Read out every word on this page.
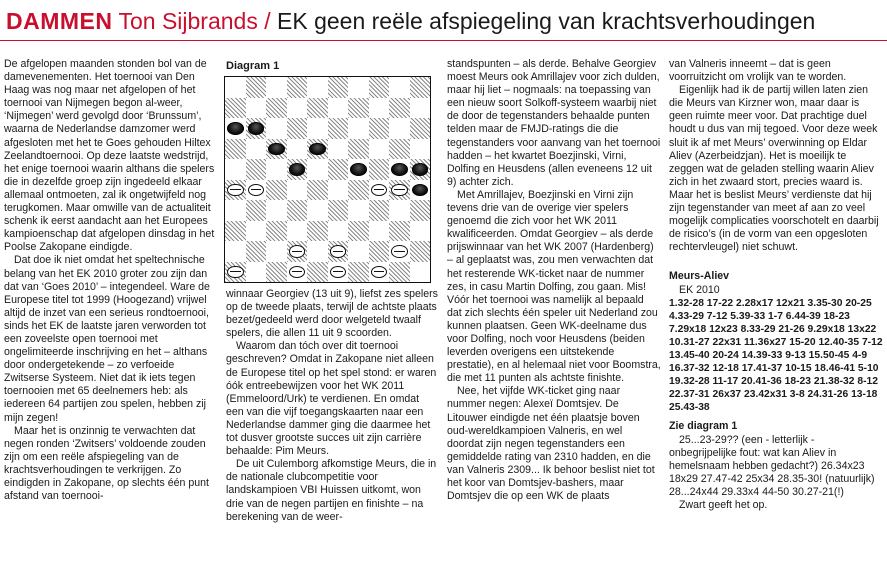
DAMMEN Ton Sijbrands / EK geen reële afspiegeling van krachtsverhoudingen

De afgelopen maanden stonden bol van de damevenementen. Het toernooi van Den Haag was nog maar net afgelopen of het toernooi van Nijmegen begon al-weer, ‘Nijmegen’ werd gevolgd door ‘Brunssum’, waarna de Nederlandse damzomer werd afgesloten met het te Goes gehouden Hiltex Zeelandtoernooi. Op deze laatste wedstrijd, het enige toernooi waarin althans die spelers die in dezelfde groep zijn ingedeeld elkaar allemaal ontmoeten, zal ik ongetwijfeld nog terugkomen. Maar omwille van de actualiteit schenk ik eerst aandacht aan het Europees kampioenschap dat afgelopen dinsdag in het Poolse Zakopane eindigde.

Dat doe ik niet omdat het speltechnische belang van het EK 2010 groter zou zijn dan dat van ‘Goes 2010’ – integendeel. Ware de Europese titel tot 1999 (Hoogezand) vrijwel altijd de inzet van een serieus rondtoernooi, sinds het EK de laatste jaren verworden tot een zoveelste open toernooi met ongelimiteerde inschrijving en het – althans door ondergetekende – zo verfoeide Zwitserse Systeem. Niet dat ik iets tegen toernooien met 65 deelnemers heb: als iedereen 64 partijen zou spelen, hebben zij mijn zegen!

Maar het is onzinnig te verwachten dat negen ronden ‘Zwitsers’ voldoende zouden zijn om een reële afspiegeling van de krachtsverhoudingen te verkrijgen. Zo eindigden in Zakopane, op slechts één punt afstand van toernooi-

Diagram 1

winnaar Georgiev (13 uit 9), liefst zes spelers op de tweede plaats, terwijl de achtste plaats bezet/gedeeld werd door welgeteld twaalf spelers, die allen 11 uit 9 scoorden.

Waarom dan tóch over dit toernooi geschreven? Omdat in Zakopane niet alleen de Europese titel op het spel stond: er waren óók entreebewijzen voor het WK 2011 (Emmeloord/Urk) te verdienen. En omdat een van die vijf toegangskaarten naar een Nederlandse dammer ging die daarmee het tot dusver grootste succes uit zijn carrière behaalde: Pim Meurs.

De uit Culemborg afkomstige Meurs, die in de nationale clubcompetitie voor landskampioen VBI Huissen uitkomt, won drie van de negen partijen en finishte – na berekening van de weer-

standspunten – als derde. Behalve Georgiev moest Meurs ook Amrillajev voor zich dulden, maar hij liet – nogmaals: na toepassing van een nieuw soort Solkoff-systeem waarbij niet de door de tegenstanders behaalde punten telden maar de FMJD-ratings die die tegenstanders voor aanvang van het toernooi hadden – het kwartet Boezjinski, Virni, Dolfing en Heusdens (allen eveneens 12 uit 9) achter zich.

Met Amrillajev, Boezjinski en Virni zijn tevens drie van de overige vier spelers genoemd die zich voor het WK 2011 kwalificeerden. Omdat Georgiev – als derde prijswinnaar van het WK 2007 (Hardenberg) – al geplaatst was, zou men verwachten dat het resterende WK-ticket naar de nummer zes, in casu Martin Dolfing, zou gaan. Mis! Vóór het toernooi was namelijk al bepaald dat zich slechts één speler uit Nederland zou kunnen plaatsen. Geen WK-deelname dus voor Dolfing, noch voor Heusdens (beiden leverden overigens een uitstekende prestatie), en al helemaal niet voor Boomstra, die met 11 punten als achtste finishte.

Nee, het vijfde WK-ticket ging naar nummer negen: Alexeï Domtsjev. De Litouwer eindigde net één plaatsje boven oud-wereldkampioen Valneris, en wel doordat zijn negen tegenstanders een gemiddelde rating van 2310 hadden, en die van Valneris 2309... Ik behoor beslist niet tot het koor van Domtsjev-bashers, maar Domtsjev die op een WK de plaats

van Valneris inneemt – dat is geen voorruitzicht om vrolijk van te worden.

Eigenlijk had ik de partij willen laten zien die Meurs van Kirzner won, maar daar is geen ruimte meer voor. Dat prachtige duel houdt u dus van mij tegoed. Voor deze week sluit ik af met Meurs’ overwinning op Eldar Aliev (Azerbeidzjan). Het is moeilijk te zeggen wat de geladen stelling waarin Aliev zich in het zwaard stort, precies waard is. Maar het is beslist Meurs’ verdienste dat hij zijn tegenstander van meet af aan zo veel mogelijk complicaties voorschotelt en daarbij de risico’s (in de vorm van een opgesloten rechtervleugel) niet schuwt.

Meurs-Aliev

EK 2010

1.32-28 17-22 2.28x17 12x21 3.35-30 20-25 4.33-29 7-12 5.39-33 1-7 6.44-39 18-23 7.29x18 12x23 8.33-29 21-26 9.29x18 13x22 10.31-27 22x31 11.36x27 15-20 12.40-35 7-12 13.45-40 20-24 14.39-33 9-13 15.50-45 4-9 16.37-32 12-18 17.41-37 10-15 18.46-41 5-10 19.32-28 11-17 20.41-36 18-23 21.38-32 8-12 22.37-31 26x37 23.42x31 3-8 24.31-26 13-18 25.43-38

Zie diagram 1

25...23-29?? (een - letterlijk - onbegrijpelijke fout: wat kan Aliev in hemelsnaam hebben gedacht?) 26.34x23 18x29 27.47-42 25x34 28.35-30! (natuurlijk) 28...24x44 29.33x4 44-50 30.27-21(!)

Zwart geeft het op.
